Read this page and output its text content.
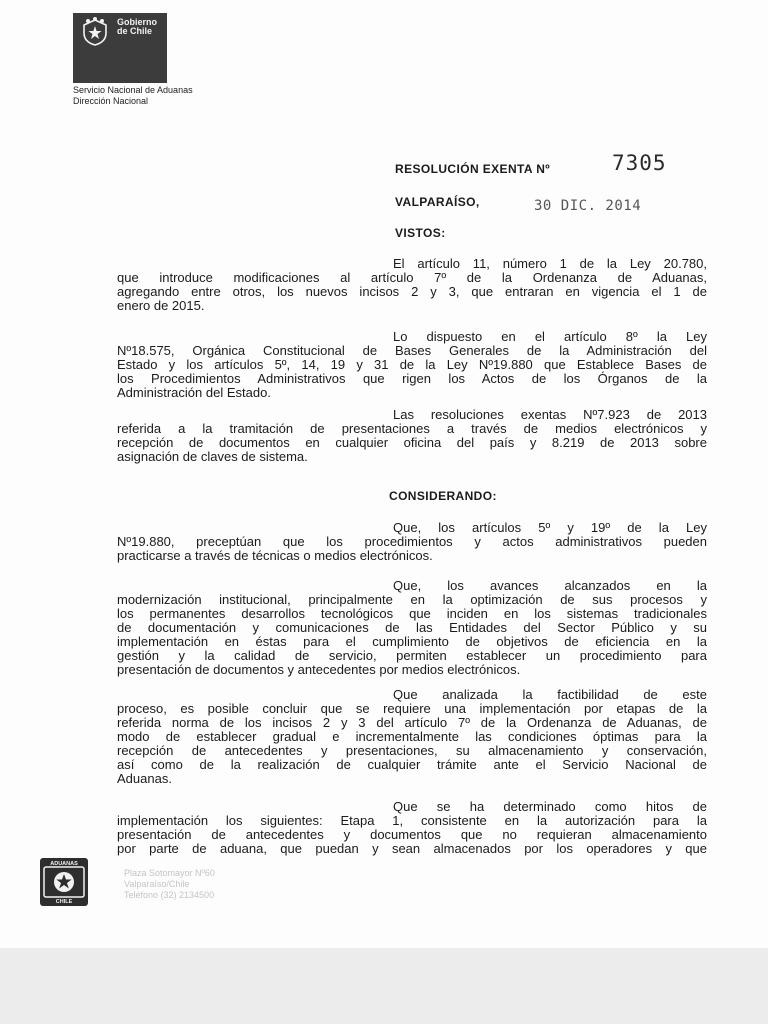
Gobierno
de Chile
Servicio Nacional de Aduanas
Dirección Nacional
RESOLUCIÓN EXENTA Nº	7305
VALPARAÍSO,	30 DIC. 2014
VISTOS:
El artículo 11, número 1 de la Ley 20.780,
que introduce modificaciones al artículo 7º de la Ordenanza de Aduanas,
agregando entre otros, los nuevos incisos 2 y 3, que entraran en vigencia el 1 de
enero de 2015.
Lo dispuesto en el artículo 8º la Ley
Nº18.575, Orgánica Constitucional de Bases Generales de la Administración del
Estado y los artículos 5º, 14, 19 y 31 de la Ley Nº19.880 que Establece Bases de
los Procedimientos Administrativos que rigen los Actos de los Órganos de la
Administración del Estado.
Las resoluciones exentas Nº7.923 de 2013
referida a la tramitación de presentaciones a través de medios electrónicos y
recepción de documentos en cualquier oficina del país y 8.219 de 2013 sobre
asignación de claves de sistema.
CONSIDERANDO:
Que, los artículos 5º y 19º de la Ley
Nº19.880, preceptúan que los procedimientos y actos administrativos pueden
practicarse a través de técnicas o medios electrónicos.
Que, los avances alcanzados en la
modernización institucional, principalmente en la optimización de sus procesos y
los permanentes desarrollos tecnológicos que inciden en los sistemas tradicionales
de documentación y comunicaciones de las Entidades del Sector Público y su
implementación en éstas para el cumplimiento de objetivos de eficiencia en la
gestión y la calidad de servicio, permiten establecer un procedimiento para
presentación de documentos y antecedentes por medios electrónicos.
Que analizada la factibilidad de este
proceso, es posible concluir que se requiere una implementación por etapas de la
referida norma de los incisos 2 y 3 del artículo 7º de la Ordenanza de Aduanas, de
modo de establecer gradual e incrementalmente las condiciones óptimas para la
recepción de antecedentes y presentaciones, su almacenamiento y conservación,
así como de la realización de cualquier trámite ante el Servicio Nacional de
Aduanas.
Que se ha determinado como hitos de
implementación los siguientes: Etapa 1, consistente en la autorización para la
presentación de antecedentes y documentos que no requieran almacenamiento
por parte de aduana, que puedan y sean almacenados por los operadores y que
ADUANAS
CHILE
Plaza Sotomayor Nº60
Valparaíso/Chile
Teléfono (32) 2134500
